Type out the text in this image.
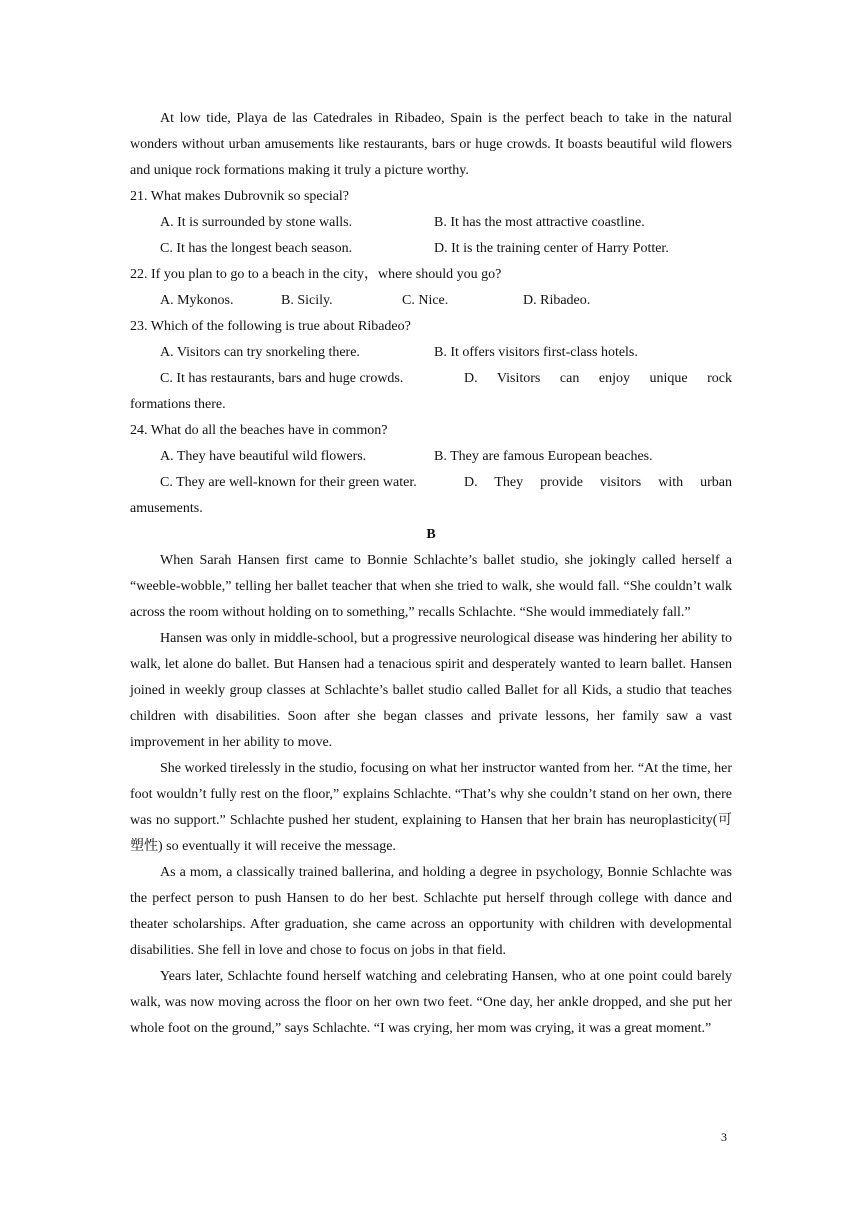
At low tide, Playa de las Catedrales in Ribadeo, Spain is the perfect beach to take in the natural wonders without urban amusements like restaurants, bars or huge crowds. It boasts beautiful wild flowers and unique rock formations making it truly a picture worthy.

21. What makes Dubrovnik so special?

A. It is surrounded by stone walls.	B. It has the most attractive coastline.
C. It has the longest beach season.	D. It is the training center of Harry Potter.

22. If you plan to go to a beach in the city，where should you go?

A. Mykonos.	B. Sicily.	C. Nice.	D. Ribadeo.

23. Which of the following is true about Ribadeo?

A. Visitors can try snorkeling there.	B. It offers visitors first-class hotels.
C. It has restaurants, bars and huge crowds.	D. Visitors can enjoy unique rock

formations there.

24. What do all the beaches have in common?

A. They have beautiful wild flowers.	B. They are famous European beaches.
C. They are well-known for their green water.	D. They provide visitors with urban

amusements.

B

When Sarah Hansen first came to Bonnie Schlachte’s ballet studio, she jokingly called herself a “weeble-wobble,” telling her ballet teacher that when she tried to walk, she would fall. “She couldn’t walk across the room without holding on to something,” recalls Schlachte. “She would immediately fall.”

Hansen was only in middle-school, but a progressive neurological disease was hindering her ability to walk, let alone do ballet. But Hansen had a tenacious spirit and desperately wanted to learn ballet. Hansen joined in weekly group classes at Schlachte’s ballet studio called Ballet for all Kids, a studio that teaches children with disabilities. Soon after she began classes and private lessons, her family saw a vast improvement in her ability to move.

She worked tirelessly in the studio, focusing on what her instructor wanted from her. “At the time, her foot wouldn’t fully rest on the floor,” explains Schlachte. “That’s why she couldn’t stand on her own, there was no support.” Schlachte pushed her student, explaining to Hansen that her brain has neuroplasticity(可塑性) so eventually it will receive the message.

As a mom, a classically trained ballerina, and holding a degree in psychology, Bonnie Schlachte was the perfect person to push Hansen to do her best. Schlachte put herself through college with dance and theater scholarships. After graduation, she came across an opportunity with children with developmental disabilities. She fell in love and chose to focus on jobs in that field.

Years later, Schlachte found herself watching and celebrating Hansen, who at one point could barely walk, was now moving across the floor on her own two feet. “One day, her ankle dropped, and she put her whole foot on the ground,” says Schlachte. “I was crying, her mom was crying, it was a great moment.”

3
